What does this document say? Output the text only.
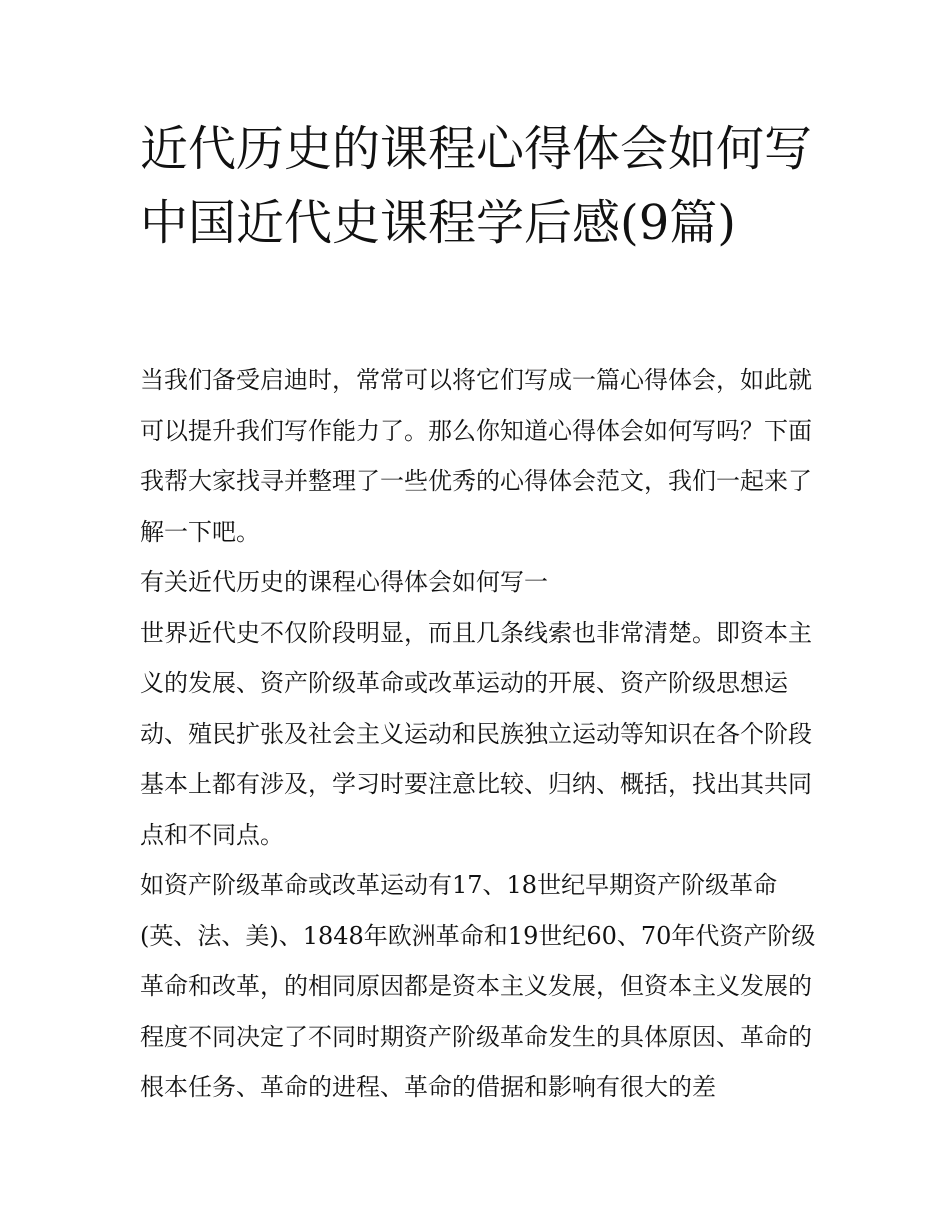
近代历史的课程心得体会如何写 中国近代史课程学后感(9篇)

当我们备受启迪时，常常可以将它们写成一篇心得体会，如此就可以提升我们写作能力了。那么你知道心得体会如何写吗？下面我帮大家找寻并整理了一些优秀的心得体会范文，我们一起来了解一下吧。

有关近代历史的课程心得体会如何写一

世界近代史不仅阶段明显，而且几条线索也非常清楚。即资本主义的发展、资产阶级革命或改革运动的开展、资产阶级思想运动、殖民扩张及社会主义运动和民族独立运动等知识在各个阶段基本上都有涉及，学习时要注意比较、归纳、概括，找出其共同点和不同点。

如资产阶级革命或改革运动有17、18世纪早期资产阶级革命(英、法、美)、1848年欧洲革命和19世纪60、70年代资产阶级革命和改革，的相同原因都是资本主义发展，但资本主义发展的程度不同决定了不同时期资产阶级革命发生的具体原因、革命的根本任务、革命的进程、革命的借据和影响有很大的差
